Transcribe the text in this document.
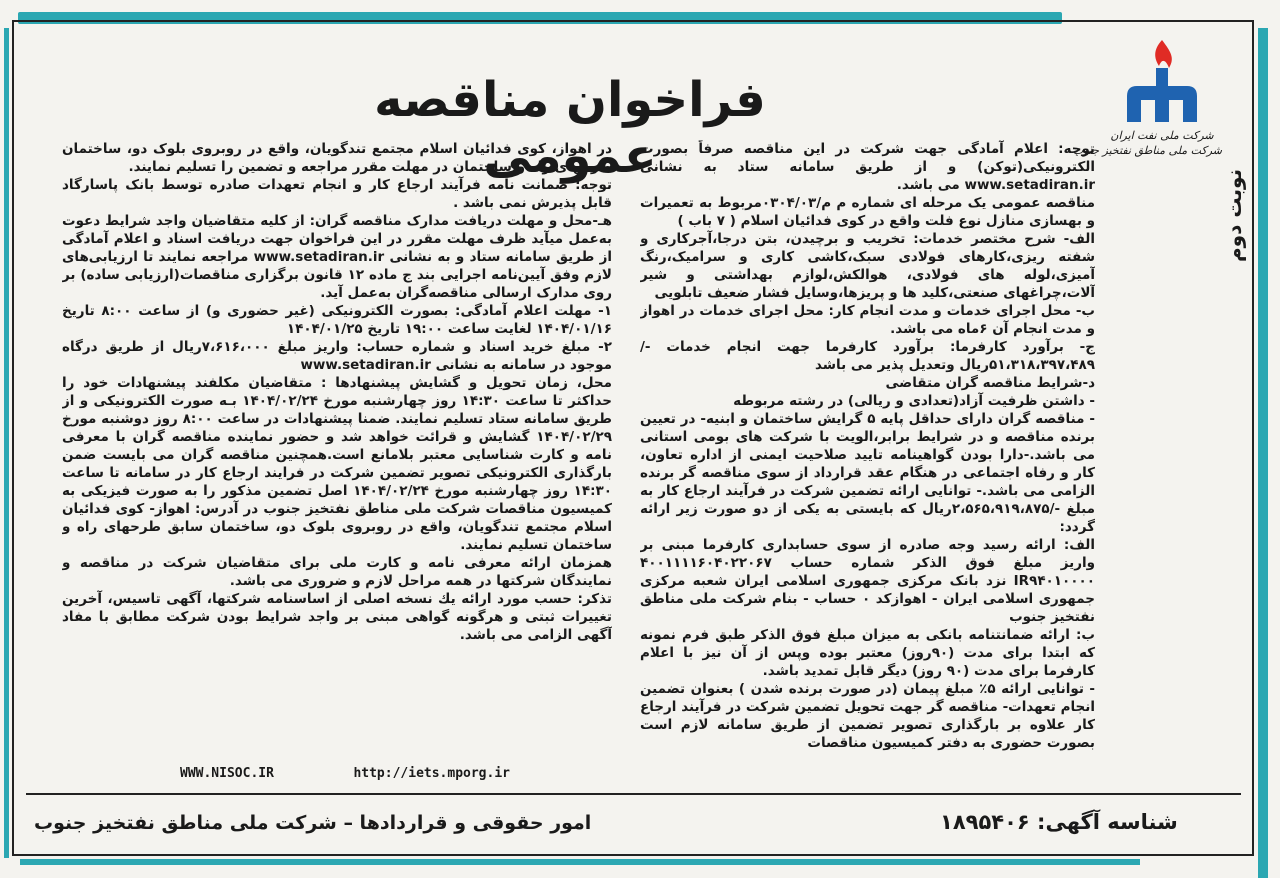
شرکت ملی نفت ایران
شرکت ملی مناطق نفتخیز جنوب
فراخوان مناقصه عمومی
نوبت دوم

توجه: اعلام آمادگی جهت شرکت در این مناقصه صرفاً بصورت الکترونیکی(توکن) و از طریق سامانه ستاد به نشانی www.setadiran.ir می باشد.

مناقصه عمومی یک مرحله ای شماره م م/۰۳۰۴/۰۳مربوط به تعمیرات و بهسازی منازل نوع فلت واقع در کوی فدائیان اسلام ( ۷ باب )

الف- شرح مختصر خدمات: تخریب و برچیدن، بتن درجا،آجرکاری و شفته ریزی،کارهای فولادی سبک،کاشی کاری و سرامیک،رنگ آمیزی،لوله های فولادی، هوالکش،لوازم بهداشتی و شیر آلات،چراغهای صنعتی،کلید ها و پریزها،وسایل فشار ضعیف تابلویی

ب- محل اجرای خدمات و مدت انجام کار: محل اجرای خدمات در اهواز و مدت انجام آن ۶ماه می باشد.

ج- برآورد کارفرما: برآورد کارفرما جهت انجام خدمات -/۵۱،۳۱۸،۳۹۷،۴۸۹ریال وتعدیل پذیر می باشد

د-شرایط مناقصه گران متقاضی

- داشتن ظرفیت آزاد(تعدادی و ریالی) در رشته مربوطه

- مناقصه گران دارای حداقل پایه ۵ گرایش ساختمان و ابنیه- در تعیین برنده مناقصه و در شرایط برابر،الویت با شرکت های بومی استانی می باشد.-دارا بودن گواهینامه تایید صلاحیت ایمنی از اداره تعاون، کار و رفاه اجتماعی در هنگام عقد قرارداد از سوی مناقصه گر برنده الزامی می باشد.- توانایی ارائه تضمین شرکت در فرآیند ارجاع کار به مبلغ -/۲،۵۶۵،۹۱۹،۸۷۵ریال که بایستی به یکی از دو صورت زیر ارائه گردد:

الف: ارائه رسید وجه صادره از سوی حسابداری کارفرما مبنی بر واریز مبلغ فوق الذکر شماره حساب ۴۰۰۱۱۱۱۶۰۴۰۲۲۰۶۷ IR۹۴۰۱۰۰۰۰ نزد بانک مرکزی جمهوری اسلامی ایران شعبه مرکزی جمهوری اسلامی ایران - اهوازکد ۰ حساب - بنام شرکت ملی مناطق نفتخیز جنوب

ب: ارائه ضمانتنامه بانکی به میزان مبلغ فوق الذکر طبق فرم نمونه که ابتدا برای مدت (۹۰روز) معتبر بوده وپس از آن نیز با اعلام کارفرما برای مدت (۹۰ روز) دیگر قابل تمدید باشد.

- توانایی ارائه ۵٪ مبلغ پیمان (در صورت برنده شدن ) بعنوان تضمین انجام تعهدات- مناقصه گر جهت تحویل تضمین شرکت در فرآیند ارجاع کار علاوه بر بارگذاری تصویر تضمین از طریق سامانه لازم است بصورت حضوری به دفتر کمیسیون مناقصات

در اهواز، کوی فدائیان اسلام مجتمع تندگویان، واقع در روبروی بلوک دو، ساختمان طرحهای راه و ساختمان در مهلت مقرر مراجعه و تضمین را تسلیم نمایند.

توجه: ضمانت نامه فرآیند ارجاع کار و انجام تعهدات صادره توسط بانک پاسارگاد قابل پذیرش نمی باشد .

هـ-محل و مهلت دریافت مدارک مناقصه گران: از کلیه متقاضیان واجد شرایط دعوت بەعمل میآید ظرف مهلت مقرر در این فراخوان جهت دریافت اسناد و اعلام آمادگی از طریق سامانه ستاد و به نشانی www.setadiran.ir مراجعه نمایند تا ارزیابی‌های لازم وفق آیین‌نامه اجرایی بند ج ماده ۱۲ قانون برگزاری مناقصات(ارزیابی ساده) بر روی مدارک ارسالی مناقصه‌گران به‌عمل آید.

۱- مهلت اعلام آمادگی: بصورت الکترونیکی (غیر حضوری و) از ساعت ۸:۰۰ تاریخ ۱۴۰۴/۰۱/۱۶ لغایت ساعت ۱۹:۰۰ تاریخ ۱۴۰۴/۰۱/۲۵

۲- مبلغ خرید اسناد و شماره حساب: واریز مبلغ ۷،۶۱۶،۰۰۰ریال از طریق درگاه موجود در سامانه به نشانی www.setadiran.ir

محل، زمان تحویل و گشایش پیشنهادها : متقاضیان مکلفند پیشنهادات خود را حداکثر تا ساعت ۱۴:۳۰ روز چهارشنبه مورخ ۱۴۰۴/۰۲/۲۴ بـه صورت الکترونیکی و از طریق سامانه ستاد تسلیم نمایند. ضمنا پیشنهادات در ساعت ۸:۰۰ روز دوشنبه مورخ ۱۴۰۴/۰۲/۲۹ گشایش و قرائت خواهد شد و حضور نماینده مناقصه گران با معرفی نامه و کارت شناسایی معتبر بلامانع است.همچنین مناقصه گران می بایست ضمن بارگذاری الکترونیکی تصویر تضمین شرکت در فرایند ارجاع کار در سامانه تا ساعت ۱۴:۳۰ روز چهارشنبه مورخ ۱۴۰۴/۰۲/۲۴ اصل تضمین مذکور را به صورت فیزیکی به کمیسیون مناقصات شرکت ملی مناطق نفتخیز جنوب در آدرس: اهواز- کوی فدائیان اسلام مجتمع تندگویان، واقع در روبروی بلوک دو، ساختمان سابق طرحهای راه و ساختمان تسلیم نمایند.

همزمان ارائه معرفی نامه و کارت ملی برای متقاضیان شرکت در مناقصه و نمایندگان شرکتها در همه مراحل لازم و ضروری می باشد.

تذکر: حسب مورد ارائه یك نسخه اصلی از اساسنامه شرکتها، آگهی تاسیس، آخرین تغییرات ثبتی و هرگونه گواهی مبنی بر واجد شرایط بودن شرکت مطابق با مفاد آگهی الزامی می باشد.

WWW.NISOC.IR	http://iets.mporg.ir
امور حقوقی و قراردادها – شرکت ملی مناطق نفتخیز جنوب	شناسه آگهی: ۱۸۹۵۴۰۶
